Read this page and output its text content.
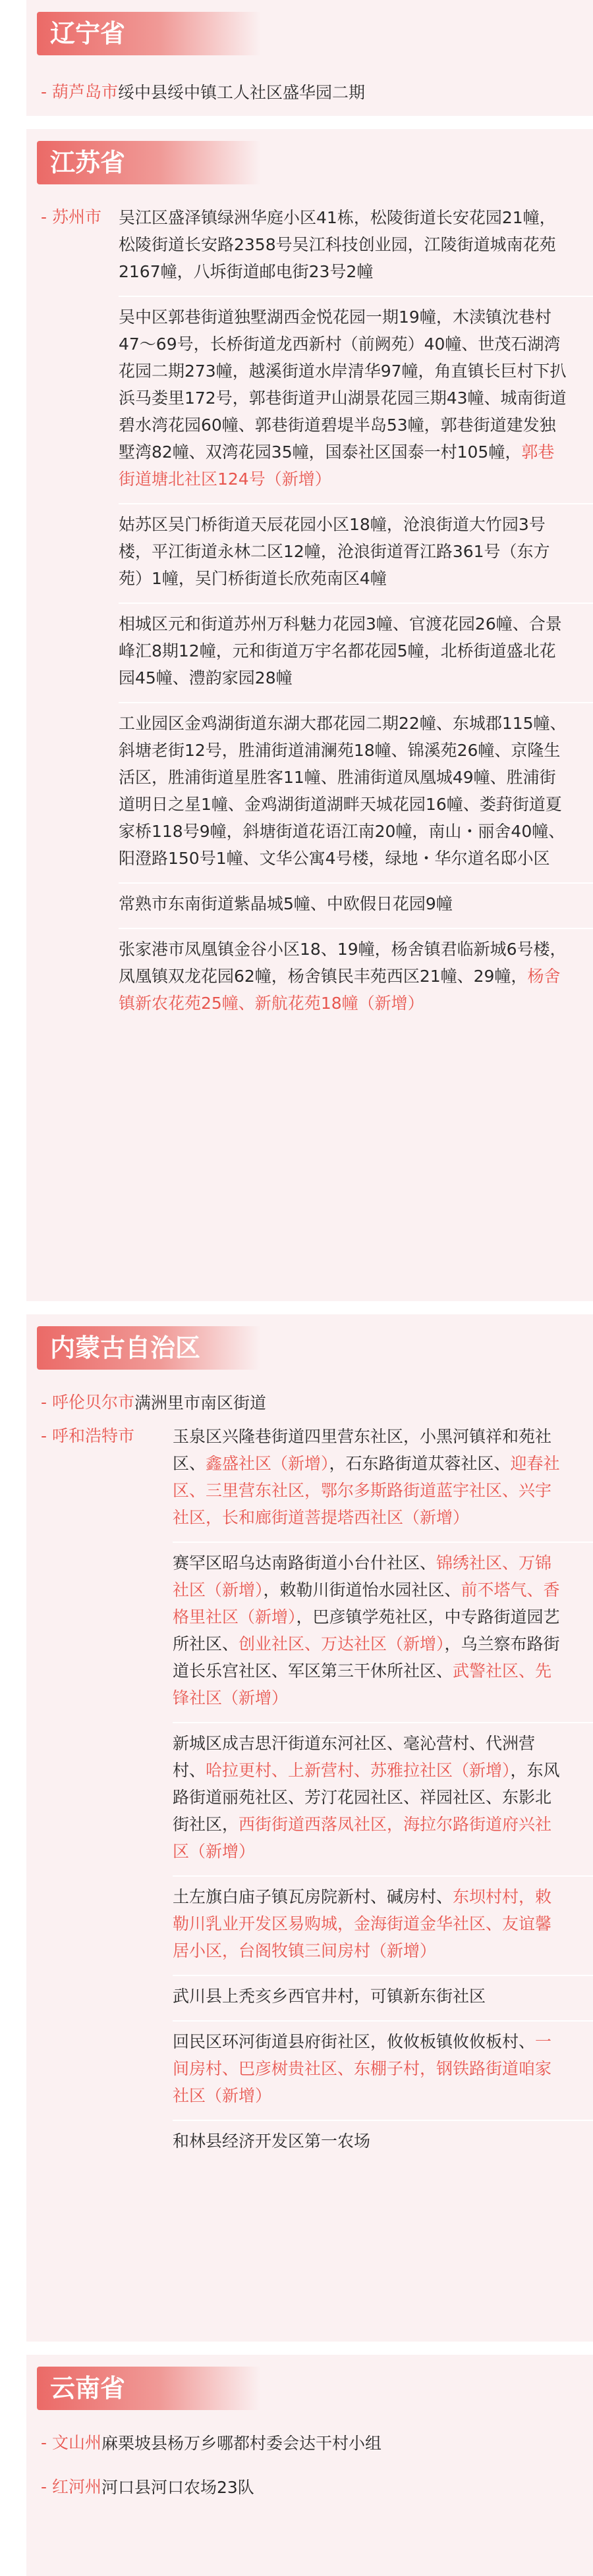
辽宁省
- 葫芦岛市 绥中县绥中镇工人社区盛华园二期
江苏省
- 苏州市	吴江区盛泽镇绿洲华庭小区41栋，松陵街道长安花园21幢，松陵街道长安路2358号吴江科技创业园，江陵街道城南花苑2167幢，八坼街道邮电街23号2幢
吴中区郭巷街道独墅湖西金悦花园一期19幢，木渎镇沈巷村47～69号，长桥街道龙西新村（前阙苑）40幢、世茂石湖湾花园二期273幢，越溪街道水岸清华97幢，角直镇长巨村下扒浜马娄里172号，郭巷街道尹山湖景花园三期43幢、城南街道碧水湾花园60幢、郭巷街道碧堤半岛53幢，郭巷街道建发独墅湾82幢、双湾花园35幢，国泰社区国泰一村105幢，郭巷街道塘北社区124号（新增）
姑苏区吴门桥街道天辰花园小区18幢，沧浪街道大竹园3号楼，平江街道永林二区12幢，沧浪街道胥江路361号（东方苑）1幢，吴门桥街道长欣苑南区4幢
相城区元和街道苏州万科魅力花园3幢、官渡花园26幢、合景峰汇8期12幢，元和街道万宇名都花园5幢，北桥街道盛北花园45幢、澧韵家园28幢
工业园区金鸡湖街道东湖大郡花园二期22幢、东城郡115幢、斜塘老街12号，胜浦街道浦澜苑18幢、锦溪苑26幢、京隆生活区，胜浦街道星胜客11幢、胜浦街道凤凰城49幢、胜浦街道明日之星1幢、金鸡湖街道湖畔天城花园16幢、娄葑街道夏家桥118号9幢，斜塘街道花语江南20幢，南山・丽舍40幢、阳澄路150号1幢、文华公寓4号楼，绿地・华尔道名邸小区
常熟市东南街道紫晶城5幢、中欧假日花园9幢
张家港市凤凰镇金谷小区18、19幢，杨舍镇君临新城6号楼，凤凰镇双龙花园62幢，杨舍镇民丰苑西区21幢、29幢，杨舍镇新农花苑25幢、新航花苑18幢（新增）
内蒙古自治区
- 呼伦贝尔市 满洲里市南区街道
- 呼和浩特市	玉泉区兴隆巷街道四里营东社区，小黑河镇祥和苑社区、鑫盛社区（新增），石东路街道苁蓉社区、迎春社区、三里营东社区，鄂尔多斯路街道蓝宇社区、兴宇社区，长和廊街道菩提塔西社区（新增）
赛罕区昭乌达南路街道小台什社区、锦绣社区、万锦社区（新增），敕勒川街道怡水园社区、前不塔气、香格里社区（新增），巴彦镇学苑社区，中专路街道园艺所社区、创业社区、万达社区（新增），乌兰察布路街道长乐宫社区、军区第三干休所社区、武警社区、先锋社区（新增）
新城区成吉思汗街道东河社区、毫沁营村、代洲营村、哈拉更村、上新营村、苏雅拉社区（新增），东风路街道丽苑社区、芳汀花园社区、祥园社区、东影北街社区，西街街道西落凤社区，海拉尔路街道府兴社区（新增）
土左旗白庙子镇瓦房院新村、碱房村、东坝村村，敕勒川乳业开发区易购城，金海街道金华社区、友谊馨居小区，台阁牧镇三间房村（新增）
武川县上秃亥乡西官井村，可镇新东街社区
回民区环河街道县府街社区，攸攸板镇攸攸板村、一间房村、巴彦树贵社区、东棚子村，钢铁路街道咱家社区（新增）
和林县经济开发区第一农场
云南省
- 文山州 麻栗坡县杨万乡哪都村委会达干村小组
- 红河州 河口县河口农场23队
